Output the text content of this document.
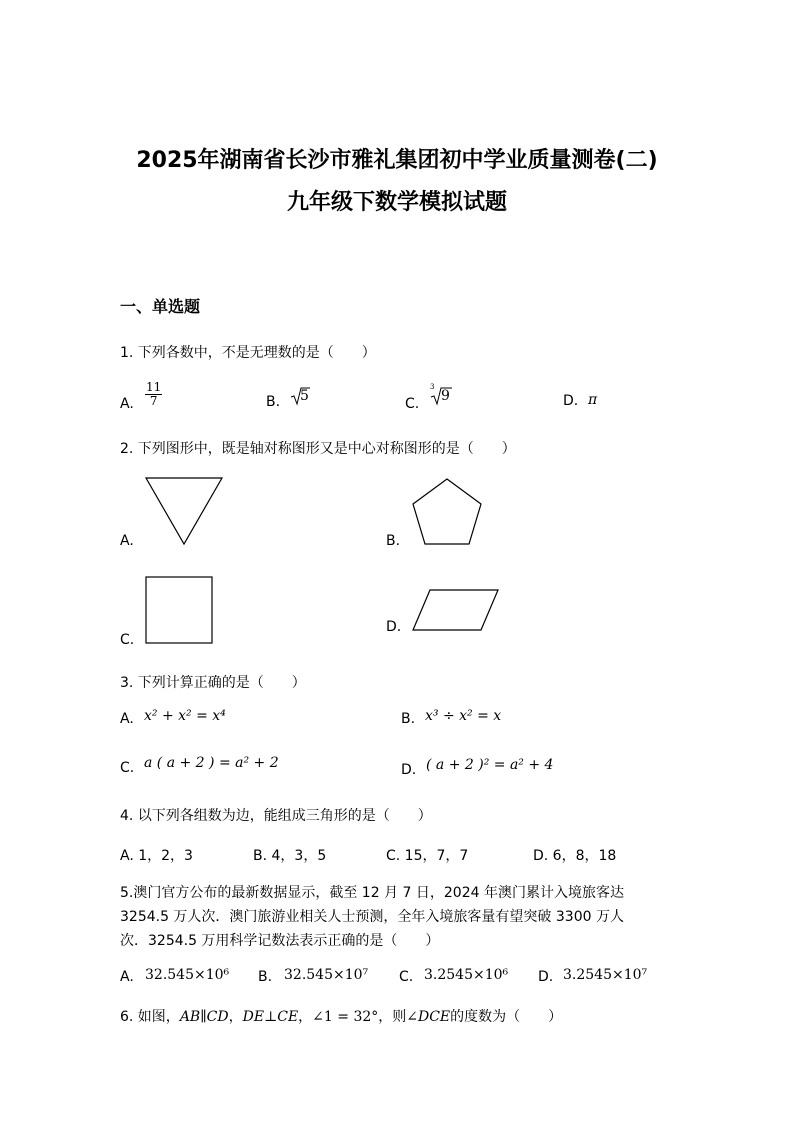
2025年湖南省长沙市雅礼集团初中学业质量测卷(二)
九年级下数学模拟试题
一、单选题
1. 下列各数中，不是无理数的是（　　）
A. $\frac{11}{7}$	B. 5	C.
3
9	D. π
2. 下列图形中，既是轴对称图形又是中心对称图形的是（　　）
A.	B.
C.
D.
3. 下列计算正确的是（　　）
A. x² + x² = x⁴	B. x³ ÷ x² = x
C. a ( a + 2 ) = a² + 2	D. ( a + 2 )² = a² + 4
4. 以下列各组数为边，能组成三角形的是（　　）
A. 1，2，3	B. 4，3，5	C. 15，7，7	D. 6，8，18
5.澳门官方公布的最新数据显示，截至 12 月 7 日，2024 年澳门累计入境旅客达
3254.5 万人次．澳门旅游业相关人士预测，全年入境旅客量有望突破 3300 万人
次．3254.5 万用科学记数法表示正确的是（　　）
A. 32.545×10⁶ B. 32.545×10⁷ C. 3.2545×10⁶ D. 3.2545×10⁷
6. 如图，AB∥CD，DE⊥CE，∠1 = 32°，则∠DCE的度数为（　　）
